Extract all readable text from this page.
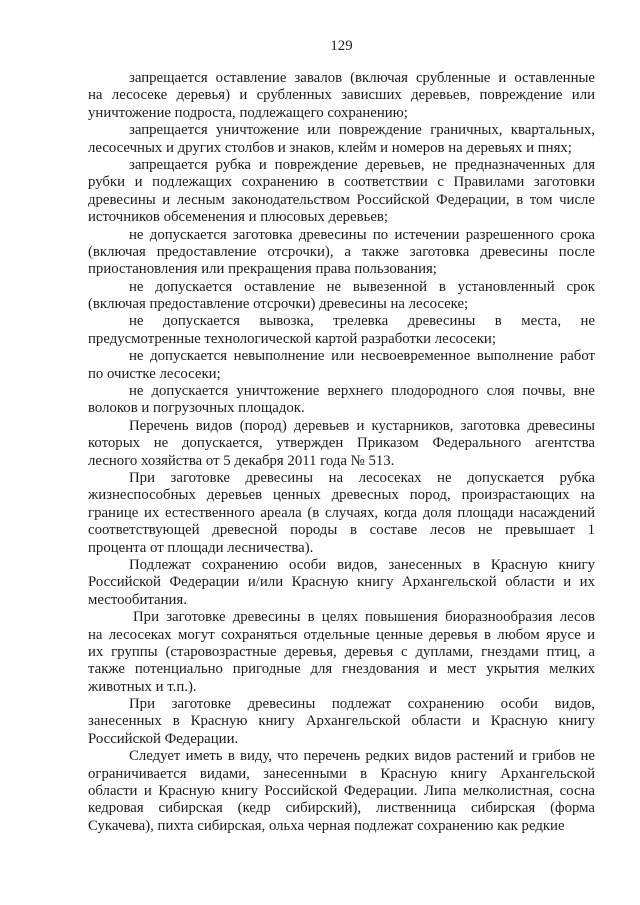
129
запрещается оставление завалов (включая срубленные и оставленные
на лесосеке деревья) и срубленных зависших деревьев, повреждение или
уничтожение подроста, подлежащего сохранению;
запрещается уничтожение или повреждение граничных, квартальных,
лесосечных и других столбов и знаков, клейм и номеров на деревьях и пнях;
запрещается рубка и повреждение деревьев, не предназначенных для
рубки и подлежащих сохранению в соответствии с Правилами заготовки
древесины и лесным законодательством Российской Федерации, в том числе
источников обсеменения и плюсовых деревьев;
не допускается заготовка древесины по истечении разрешенного срока
(включая предоставление отсрочки), а также заготовка древесины после
приостановления или прекращения права пользования;
не допускается оставление не вывезенной в установленный срок
(включая предоставление отсрочки) древесины на лесосеке;
не допускается вывозка, трелевка древесины в места, не
предусмотренные технологической картой разработки лесосеки;
не допускается невыполнение или несвоевременное выполнение работ
по очистке лесосеки;
не допускается уничтожение верхнего плодородного слоя почвы, вне
волоков и погрузочных площадок.
Перечень видов (пород) деревьев и кустарников, заготовка древесины
которых не допускается, утвержден Приказом Федерального агентства
лесного хозяйства от 5 декабря 2011 года № 513.
При заготовке древесины на лесосеках не допускается рубка
жизнеспособных деревьев ценных древесных пород, произрастающих на
границе их естественного ареала (в случаях, когда доля площади насаждений
соответствующей древесной породы в составе лесов не превышает 1
процента от площади лесничества).
Подлежат сохранению особи видов, занесенных в Красную книгу
Российской Федерации и/или Красную книгу Архангельской области и их
местообитания.
При заготовке древесины в целях повышения биоразнообразия лесов
на лесосеках могут сохраняться отдельные ценные деревья в любом ярусе и
их группы (старовозрастные деревья, деревья с дуплами, гнездами птиц, а
также потенциально пригодные для гнездования и мест укрытия мелких
животных и т.п.).
При заготовке древесины подлежат сохранению особи видов,
занесенных в Красную книгу Архангельской области и Красную книгу
Российской Федерации.
Следует иметь в виду, что перечень редких видов растений и грибов не
ограничивается видами, занесенными в Красную книгу Архангельской
области и Красную книгу Российской Федерации. Липа мелколистная, сосна
кедровая сибирская (кедр сибирский), лиственница сибирская (форма
Сукачева), пихта сибирская, ольха черная подлежат сохранению как редкие
